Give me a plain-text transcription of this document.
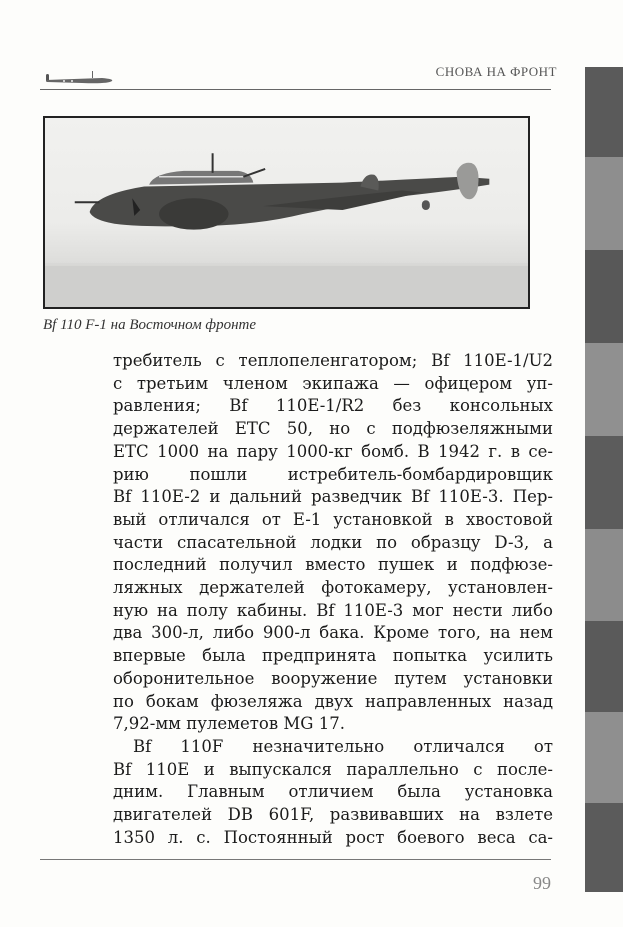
СНОВА НА ФРОНТ
Bf 110 F-1 на Восточном фронте
требитель с теплопеленгатором; Bf 110E-1/U2
с третьим членом экипажа — офицером уп-
равления; Bf 110E-1/R2 без консольных
держателей ETC 50, но с подфюзеляжными
ETC 1000 на пару 1000-кг бомб. В 1942 г. в се-
рию пошли истребитель-бомбардировщик
Bf 110E-2 и дальний разведчик Bf 110E-3. Пер-
вый отличался от E-1 установкой в хвостовой
части спасательной лодки по образцу D-3, а
последний получил вместо пушек и подфюзе-
ляжных держателей фотокамеру, установлен-
ную на полу кабины. Bf 110E-3 мог нести либо
два 300-л, либо 900-л бака. Кроме того, на нем
впервые была предпринята попытка усилить
оборонительное вооружение путем установки
по бокам фюзеляжа двух направленных назад
7,92-мм пулеметов MG 17.
Bf 110F незначительно отличался от
Bf 110E и выпускался параллельно с после-
дним. Главным отличием была установка
двигателей DB 601F, развивавших на взлете
1350 л. с. Постоянный рост боевого веса са-
99
